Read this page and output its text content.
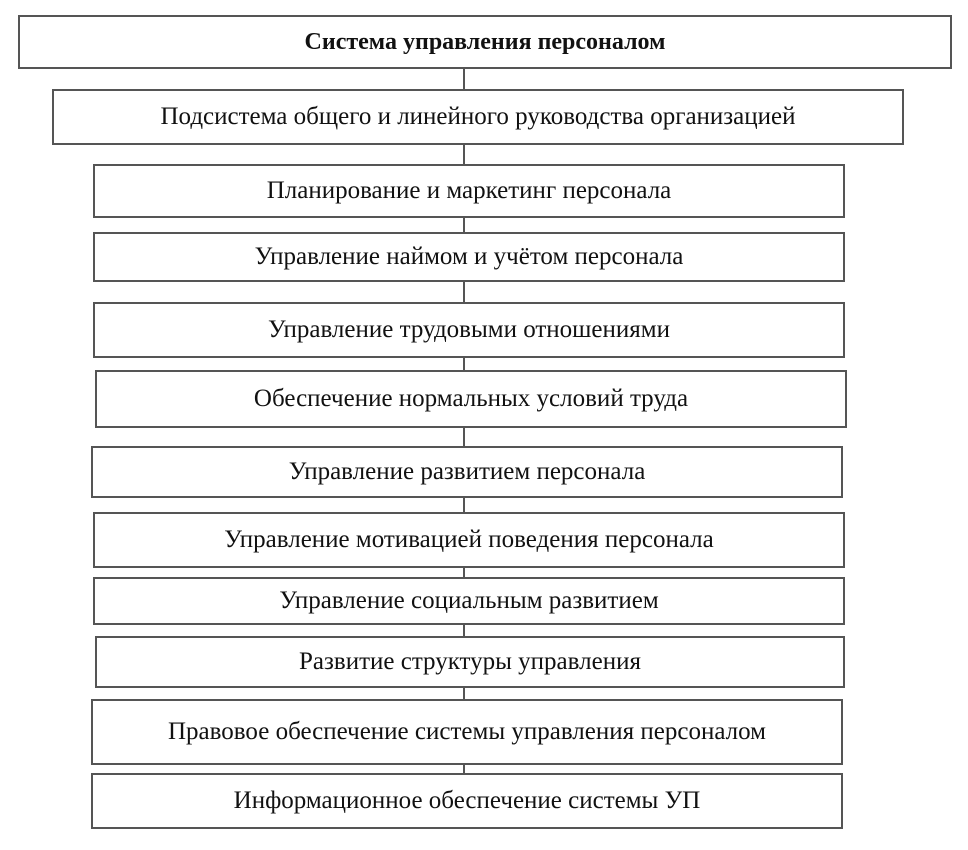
Система управления персоналом
Подсистема общего и линейного руководства организацией
Планирование и маркетинг персонала
Управление наймом и учётом персонала
Управление трудовыми отношениями
Обеспечение нормальных условий труда
Управление развитием персонала
Управление мотивацией поведения персонала
Управление социальным развитием
Развитие структуры управления
Правовое обеспечение системы управления персоналом
Информационное обеспечение системы УП
